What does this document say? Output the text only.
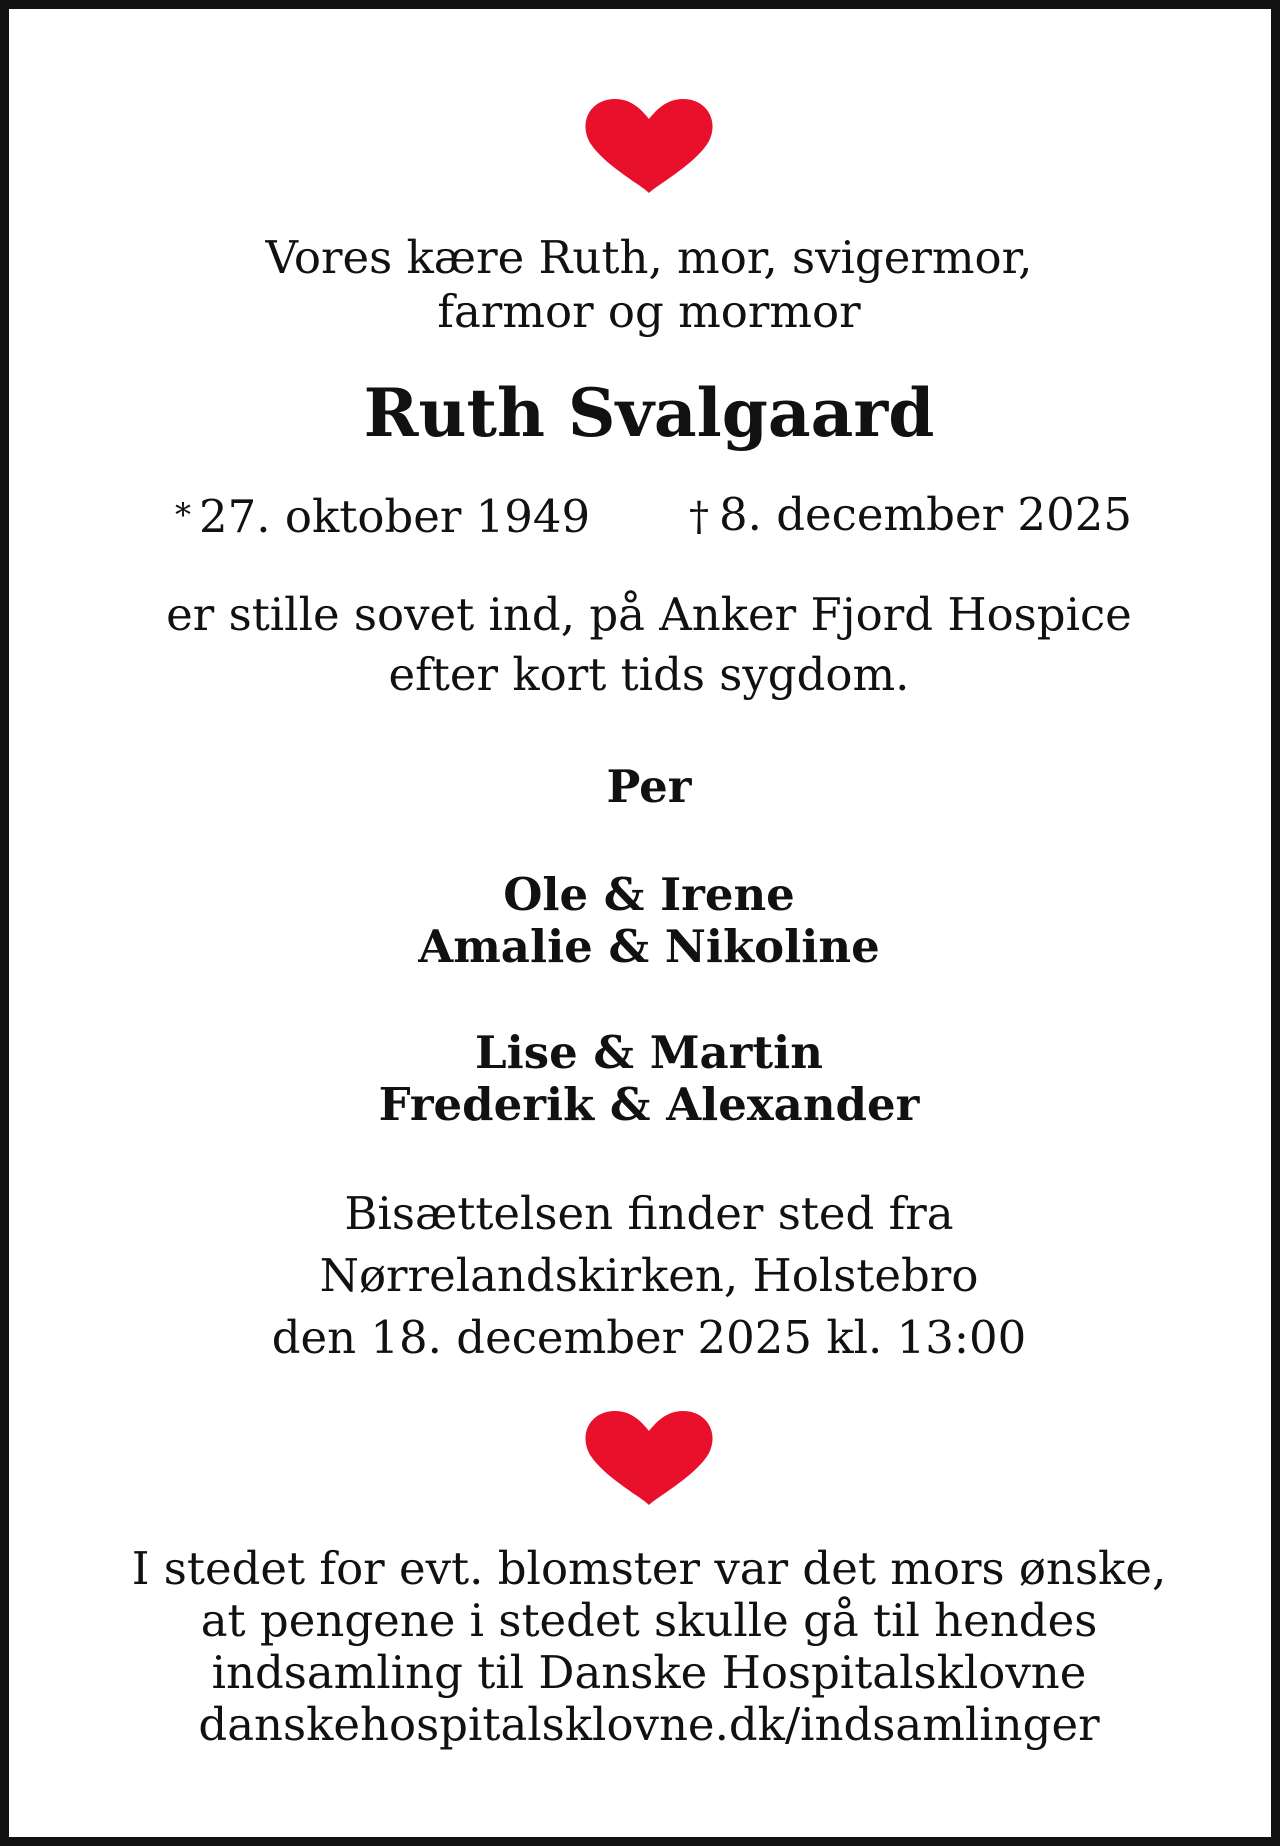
Vores kære Ruth, mor, svigermor,
farmor og mormor
Ruth Svalgaard
* 27. oktober 1949 † 8. december 2025
er stille sovet ind, på Anker Fjord Hospice
efter kort tids sygdom.
Per
Ole & Irene
Amalie & Nikoline
Lise & Martin
Frederik & Alexander
Bisættelsen finder sted fra
Nørrelandskirken, Holstebro
den 18. december 2025 kl. 13:00
I stedet for evt. blomster var det mors ønske,
at pengene i stedet skulle gå til hendes
indsamling til Danske Hospitalsklovne
danskehospitalsklovne.dk/indsamlinger
